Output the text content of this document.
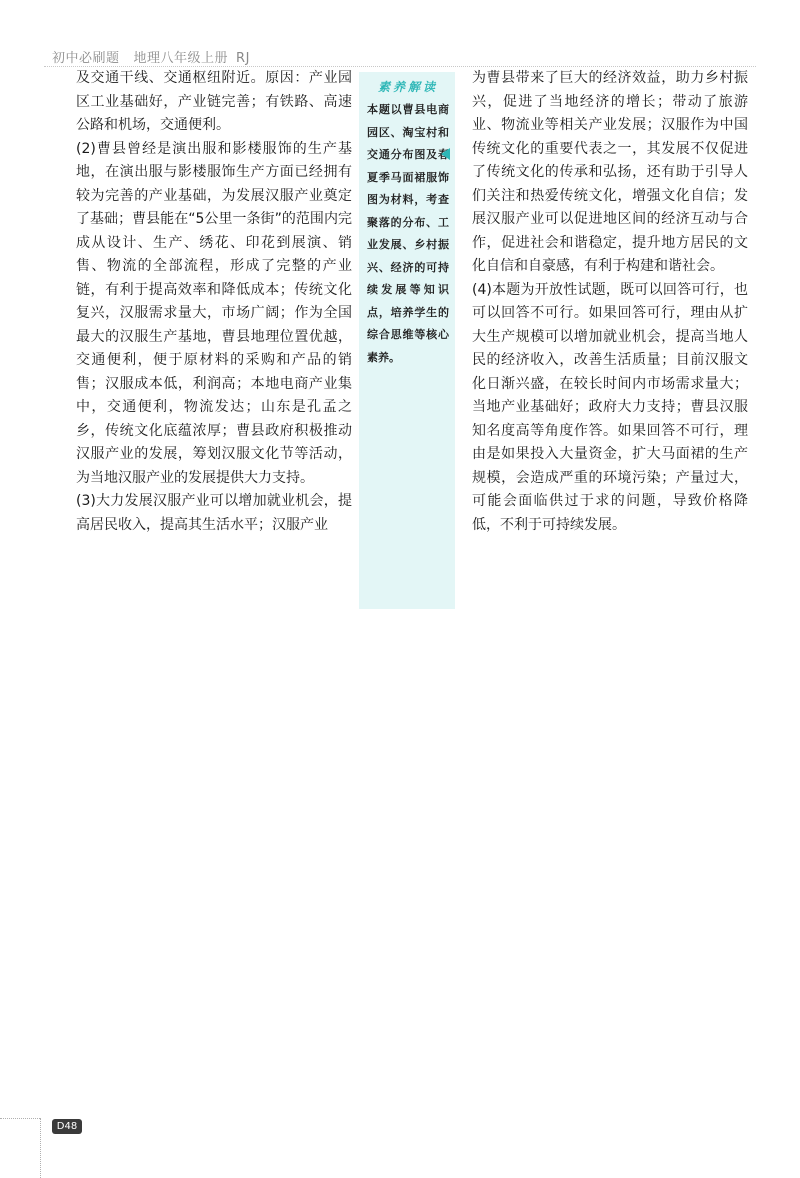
初中必刷题 地理八年级上册 RJ

及交通干线、交通枢纽附近。原因：产业园区工业基础好，产业链完善；有铁路、高速公路和机场，交通便利。

(2)曹县曾经是演出服和影楼服饰的生产基地，在演出服与影楼服饰生产方面已经拥有较为完善的产业基础，为发展汉服产业奠定了基础；曹县能在“5公里一条街”的范围内完成从设计、生产、绣花、印花到展演、销售、物流的全部流程，形成了完整的产业链，有利于提高效率和降低成本；传统文化复兴，汉服需求量大，市场广阔；作为全国最大的汉服生产基地，曹县地理位置优越，交通便利，便于原材料的采购和产品的销售；汉服成本低，利润高；本地电商产业集中，交通便利，物流发达；山东是孔孟之乡，传统文化底蕴浓厚；曹县政府积极推动汉服产业的发展，筹划汉服文化节等活动，为当地汉服产业的发展提供大力支持。

(3)大力发展汉服产业可以增加就业机会，提高居民收入，提高其生活水平；汉服产业

素养解读
本题以曹县电商园区、淘宝村和交通分布图及春夏季马面裙服饰图为材料，考查聚落的分布、工业发展、乡村振兴、经济的可持续发展等知识点，培养学生的综合思维等核心素养。

为曹县带来了巨大的经济效益，助力乡村振兴，促进了当地经济的增长；带动了旅游业、物流业等相关产业发展；汉服作为中国传统文化的重要代表之一，其发展不仅促进了传统文化的传承和弘扬，还有助于引导人们关注和热爱传统文化，增强文化自信；发展汉服产业可以促进地区间的经济互动与合作，促进社会和谐稳定，提升地方居民的文化自信和自豪感，有利于构建和谐社会。

(4)本题为开放性试题，既可以回答可行，也可以回答不可行。如果回答可行，理由从扩大生产规模可以增加就业机会，提高当地人民的经济收入，改善生活质量；目前汉服文化日渐兴盛，在较长时间内市场需求量大；当地产业基础好；政府大力支持；曹县汉服知名度高等角度作答。如果回答不可行，理由是如果投入大量资金，扩大马面裙的生产规模，会造成严重的环境污染；产量过大，可能会面临供过于求的问题，导致价格降低，不利于可持续发展。

D48
